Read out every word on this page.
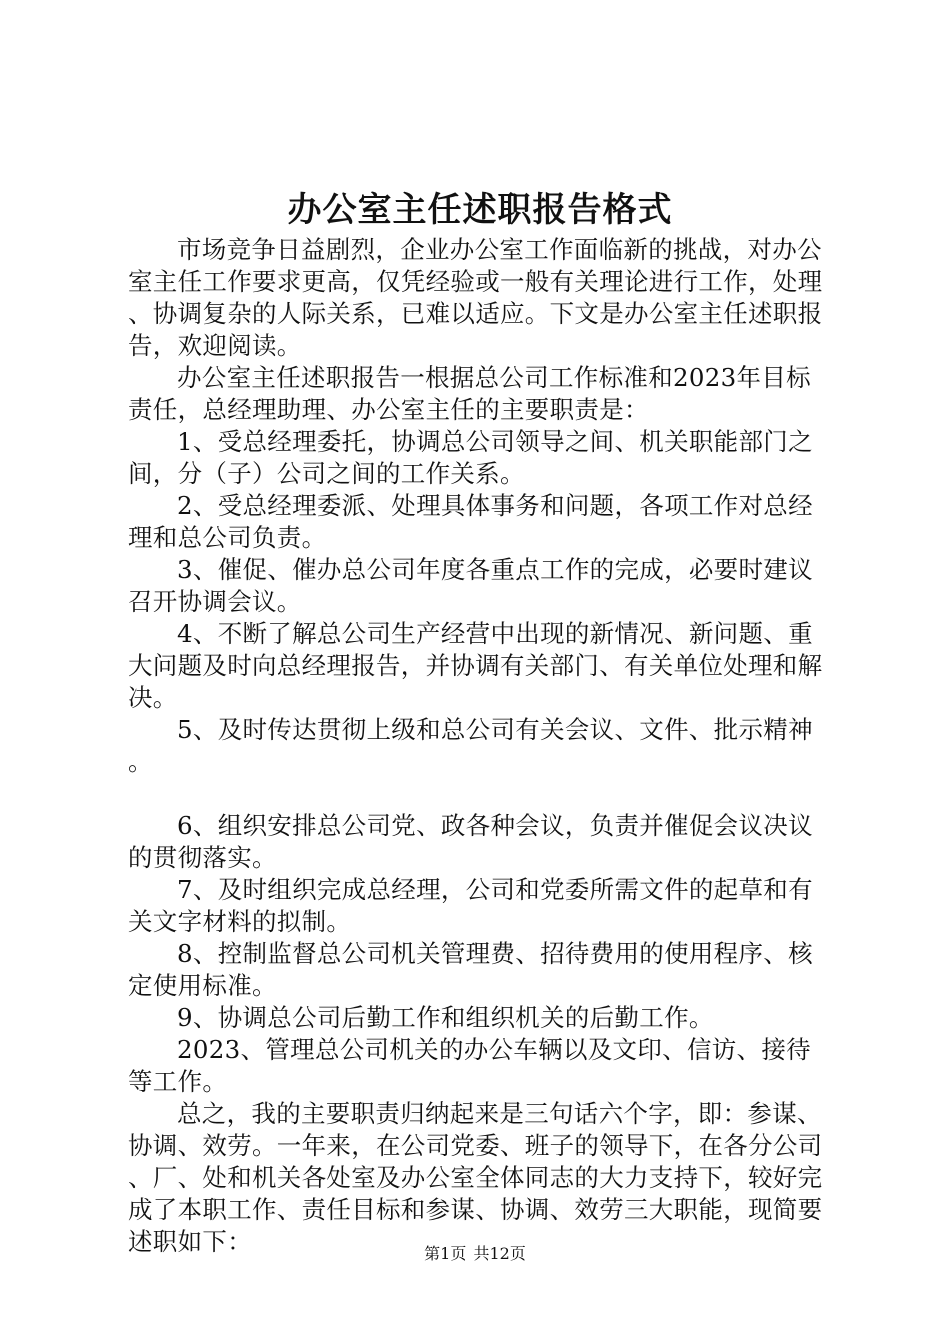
办公室主任述职报告格式

市场竞争日益剧烈，企业办公室工作面临新的挑战，对办公室主任工作要求更高，仅凭经验或一般有关理论进行工作，处理、协调复杂的人际关系，已难以适应。下文是办公室主任述职报告，欢迎阅读。

办公室主任述职报告一根据总公司工作标准和2023年目标责任，总经理助理、办公室主任的主要职责是：

1、受总经理委托，协调总公司领导之间、机关职能部门之间，分（子）公司之间的工作关系。

2、受总经理委派、处理具体事务和问题，各项工作对总经理和总公司负责。

3、催促、催办总公司年度各重点工作的完成，必要时建议召开协调会议。

4、不断了解总公司生产经营中出现的新情况、新问题、重大问题及时向总经理报告，并协调有关部门、有关单位处理和解决。

5、及时传达贯彻上级和总公司有关会议、文件、批示精神。

6、组织安排总公司党、政各种会议，负责并催促会议决议的贯彻落实。

7、及时组织完成总经理，公司和党委所需文件的起草和有关文字材料的拟制。

8、控制监督总公司机关管理费、招待费用的使用程序、核定使用标准。

9、协调总公司后勤工作和组织机关的后勤工作。

2023、管理总公司机关的办公车辆以及文印、信访、接待等工作。

总之，我的主要职责归纳起来是三句话六个字，即：参谋、协调、效劳。一年来，在公司党委、班子的领导下，在各分公司、厂、处和机关各处室及办公室全体同志的大力支持下，较好完成了本职工作、责任目标和参谋、协调、效劳三大职能，现简要述职如下：	第1页 共12页
